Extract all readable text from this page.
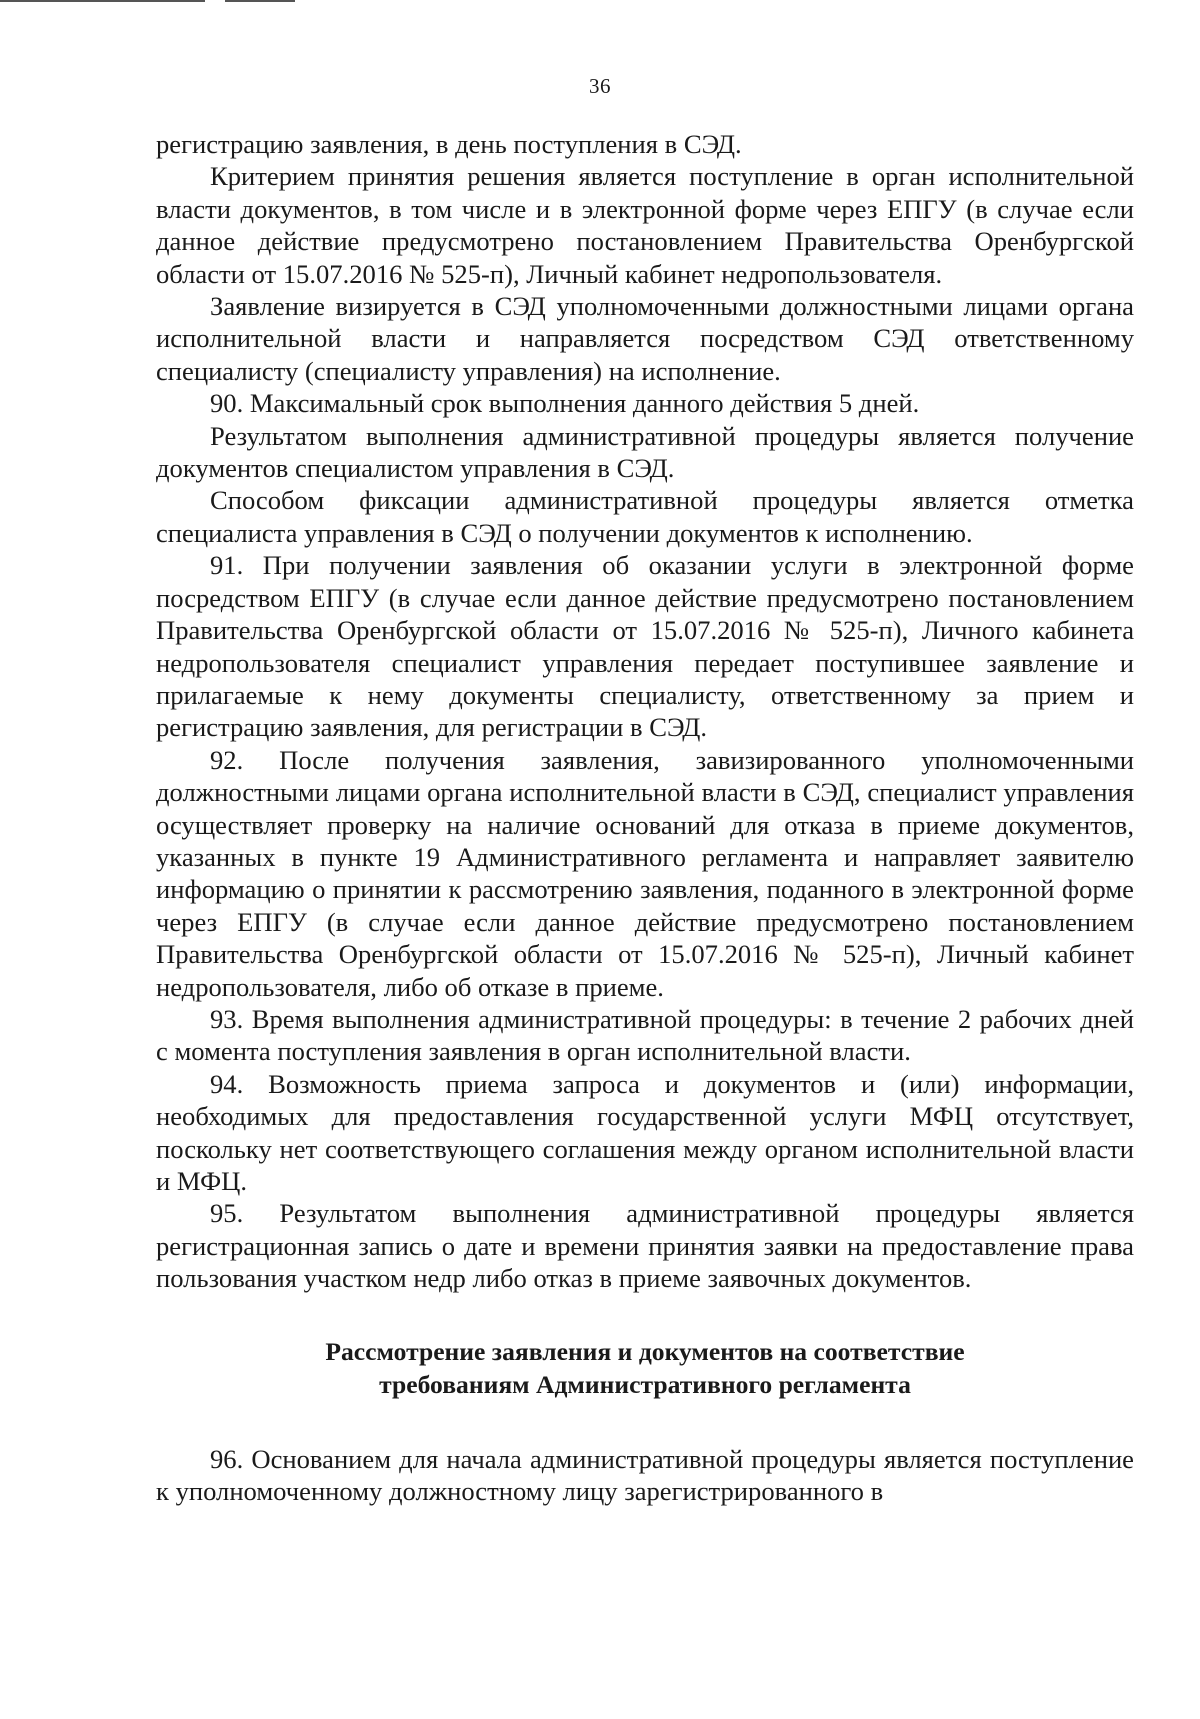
36

регистрацию заявления, в день поступления в СЭД.

Критерием принятия решения является поступление в орган исполнительной власти документов, в том числе и в электронной форме через ЕПГУ (в случае если данное действие предусмотрено постановлением Правительства Оренбургской области от 15.07.2016 № 525-п), Личный кабинет недропользователя.

Заявление визируется в СЭД уполномоченными должностными лицами органа исполнительной власти и направляется посредством СЭД ответственному специалисту (специалисту управления) на исполнение.

90. Максимальный срок выполнения данного действия 5 дней.

Результатом выполнения административной процедуры является получение документов специалистом управления в СЭД.

Способом фиксации административной процедуры является отметка специалиста управления в СЭД о получении документов к исполнению.

91. При получении заявления об оказании услуги в электронной форме посредством ЕПГУ (в случае если данное действие предусмотрено постановлением Правительства Оренбургской области от 15.07.2016 № 525-п), Личного кабинета недропользователя специалист управления передает поступившее заявление и прилагаемые к нему документы специалисту, ответственному за прием и регистрацию заявления, для регистрации в СЭД.

92. После получения заявления, завизированного уполномоченными должностными лицами органа исполнительной власти в СЭД, специалист управления осуществляет проверку на наличие оснований для отказа в приеме документов, указанных в пункте 19 Административного регламента и направляет заявителю информацию о принятии к рассмотрению заявления, поданного в электронной форме через ЕПГУ (в случае если данное действие предусмотрено постановлением Правительства Оренбургской области от 15.07.2016 № 525-п), Личный кабинет недропользователя, либо об отказе в приеме.

93. Время выполнения административной процедуры: в течение 2 рабочих дней с момента поступления заявления в орган исполнительной власти.

94. Возможность приема запроса и документов и (или) информации, необходимых для предоставления государственной услуги МФЦ отсутствует, поскольку нет соответствующего соглашения между органом исполнительной власти и МФЦ.

95. Результатом выполнения административной процедуры является регистрационная запись о дате и времени принятия заявки на предоставление права пользования участком недр либо отказ в приеме заявочных документов.

Рассмотрение заявления и документов на соответствие
требованиям Административного регламента

96. Основанием для начала административной процедуры является поступление к уполномоченному должностному лицу зарегистрированного в
